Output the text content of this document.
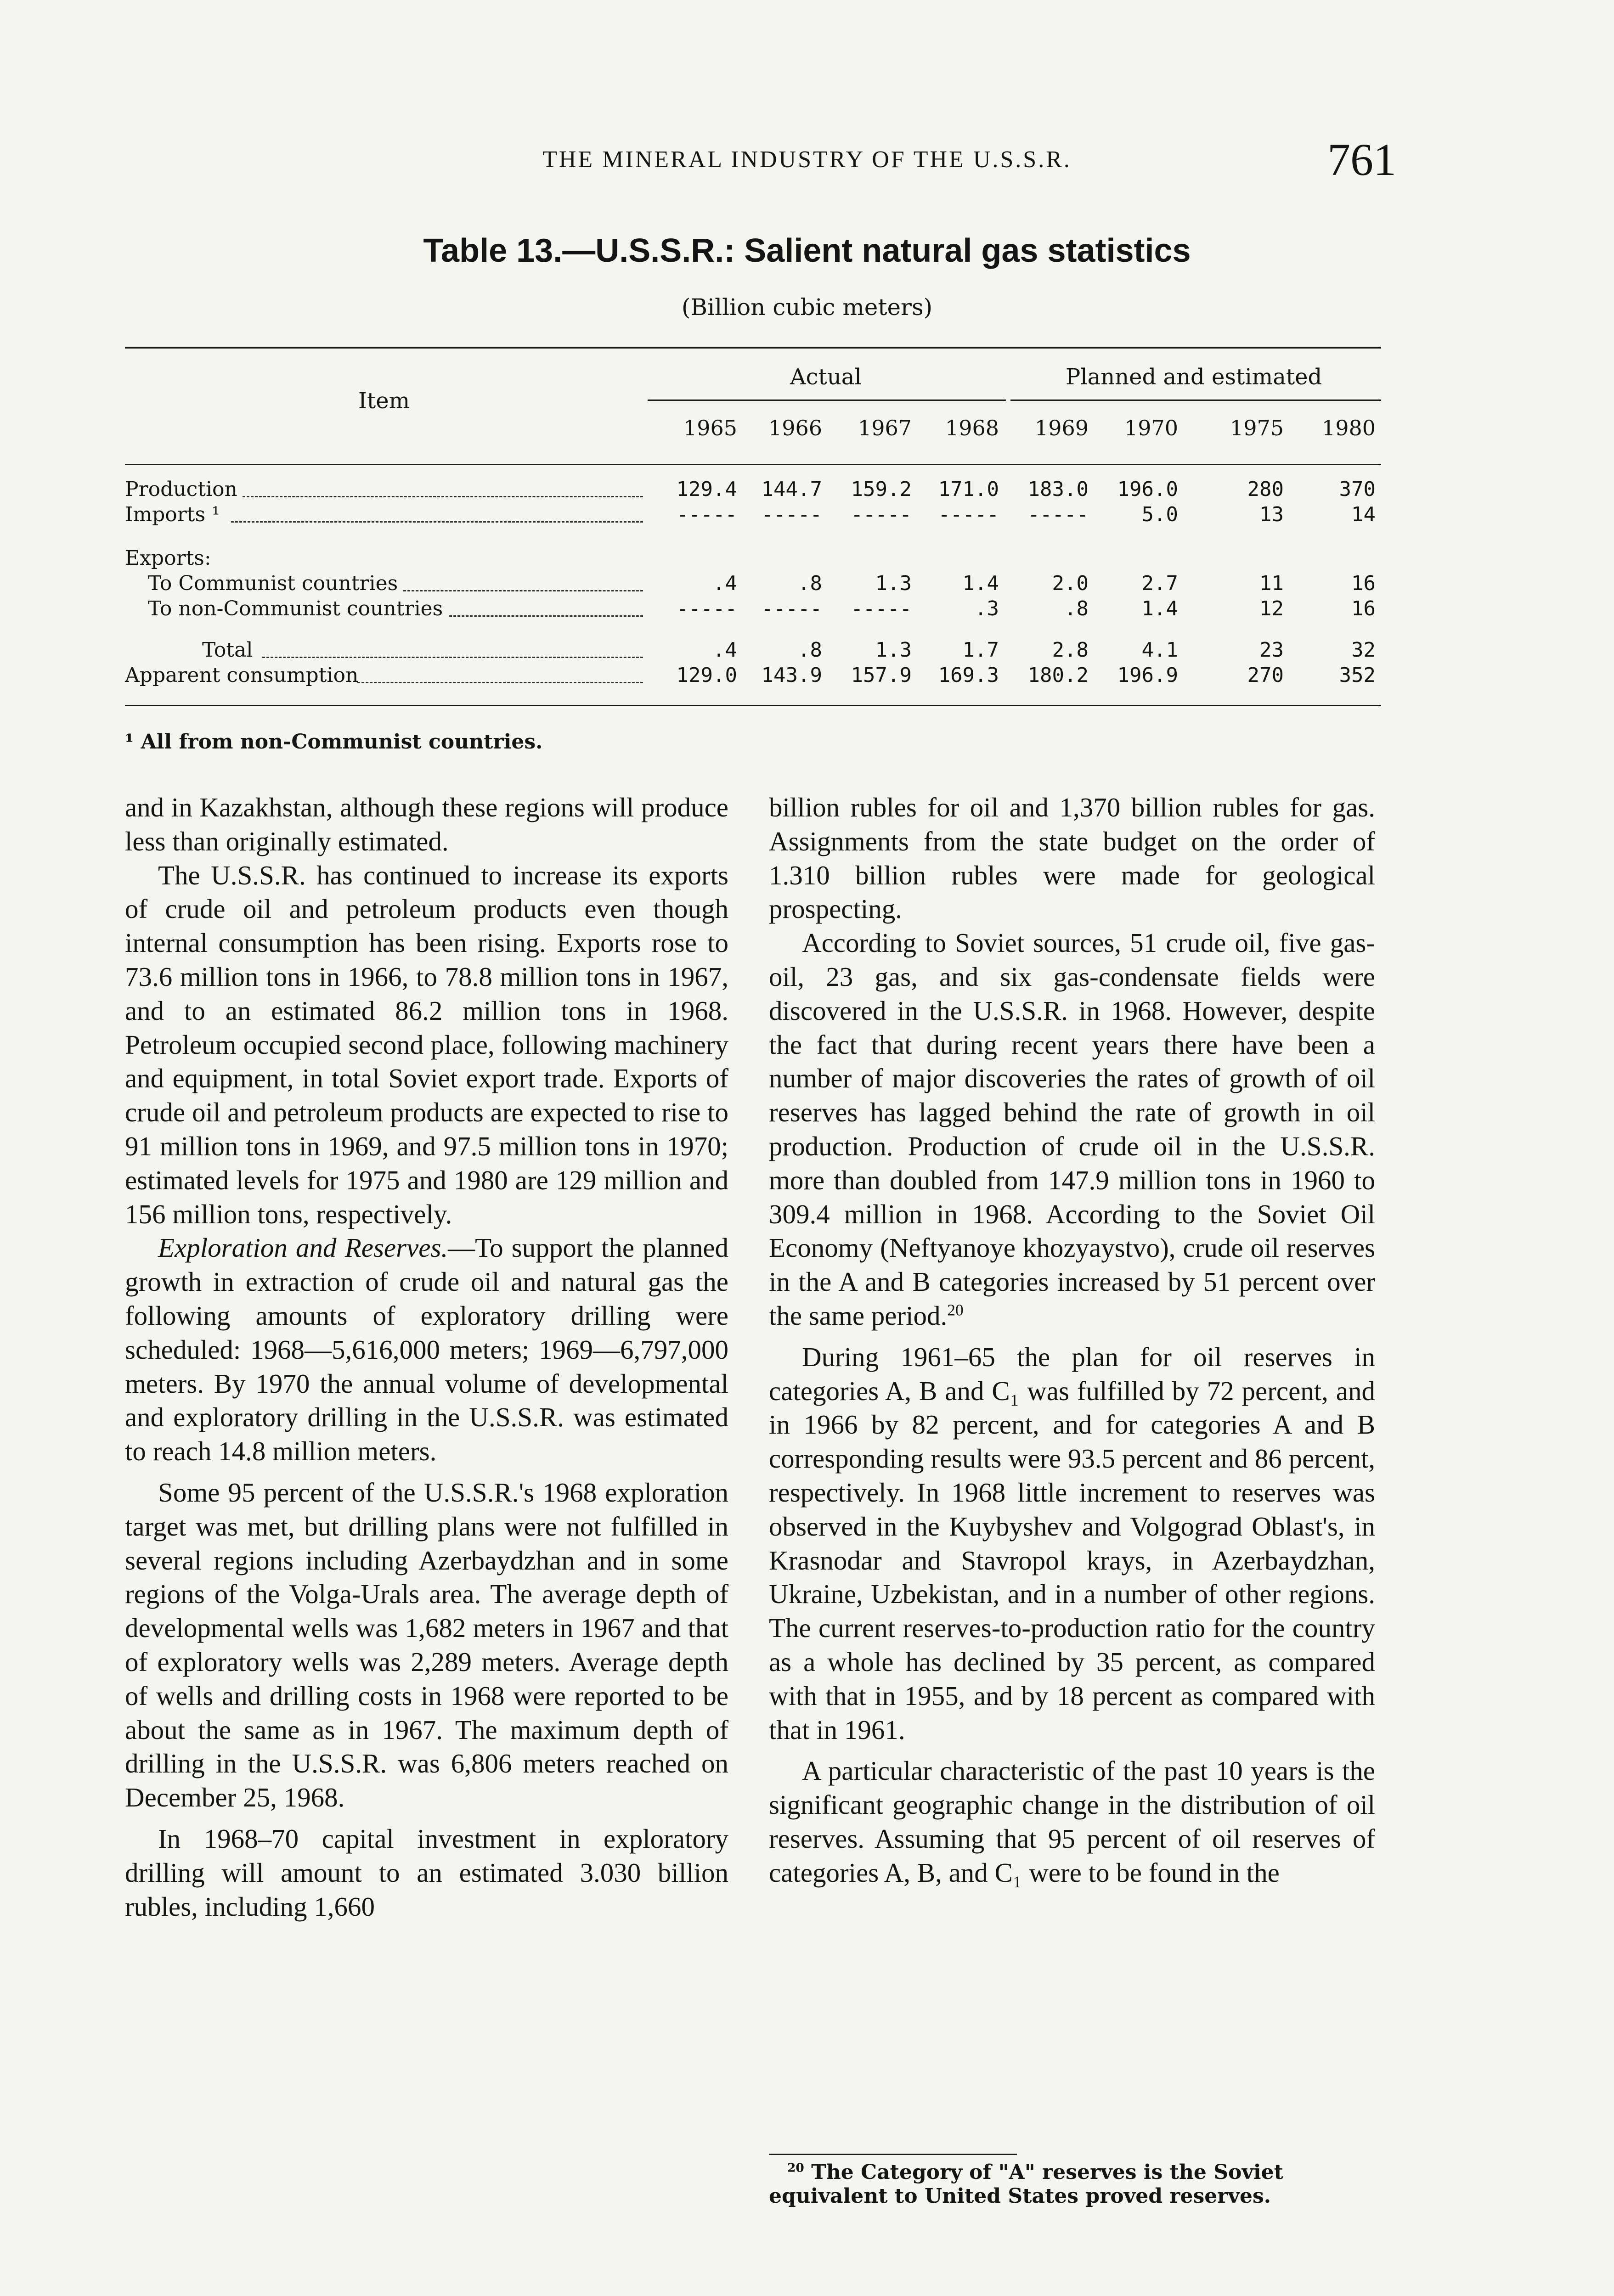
THE MINERAL INDUSTRY OF THE U.S.S.R.	761
Table 13.—U.S.S.R.: Salient natural gas statistics
(Billion cubic meters)
Item
Actual	Planned and estimated
1965 1966 1967 1968 1969 1970 1975 1980
Production	129.4 144.7 159.2 171.0 183.0 196.0	280	370
Imports ¹	----- ----- ----- ----- -----	5.0	13	14
Exports:
To Communist countries	.4	.8	1.3	1.4	2.0	2.7	11	16
To non-Communist countries	----- ----- -----	.3	.8	1.4	12	16
Total	.4	.8	1.3	1.7	2.8	4.1	23	32
Apparent consumption	129.0 143.9 157.9 169.3 180.2 196.9	270	352
¹ All from non-Communist countries.

and in Kazakhstan, although these regions will produce less than originally estimated.

The U.S.S.R. has continued to increase its exports of crude oil and petroleum products even though internal consumption has been rising. Exports rose to 73.6 million tons in 1966, to 78.8 million tons in 1967, and to an estimated 86.2 million tons in 1968. Petroleum occupied second place, following machinery and equipment, in total Soviet export trade. Exports of crude oil and petroleum products are expected to rise to 91 million tons in 1969, and 97.5 million tons in 1970; estimated levels for 1975 and 1980 are 129 million and 156 million tons, respectively.

Exploration and Reserves.—To support the planned growth in extraction of crude oil and natural gas the following amounts of exploratory drilling were scheduled: 1968—5,616,000 meters; 1969—6,797,000 meters. By 1970 the annual volume of developmental and exploratory drilling in the U.S.S.R. was estimated to reach 14.8 million meters.

Some 95 percent of the U.S.S.R.'s 1968 exploration target was met, but drilling plans were not fulfilled in several regions including Azerbaydzhan and in some regions of the Volga-Urals area. The average depth of developmental wells was 1,682 meters in 1967 and that of exploratory wells was 2,289 meters. Average depth of wells and drilling costs in 1968 were reported to be about the same as in 1967. The maximum depth of drilling in the U.S.S.R. was 6,806 meters reached on December 25, 1968.

In 1968–70 capital investment in exploratory drilling will amount to an estimated 3.030 billion rubles, including 1,660

billion rubles for oil and 1,370 billion rubles for gas. Assignments from the state budget on the order of 1.310 billion rubles were made for geological prospecting.

According to Soviet sources, 51 crude oil, five gas-oil, 23 gas, and six gas-condensate fields were discovered in the U.S.S.R. in 1968. However, despite the fact that during recent years there have been a number of major discoveries the rates of growth of oil reserves has lagged behind the rate of growth in oil production. Production of crude oil in the U.S.S.R. more than doubled from 147.9 million tons in 1960 to 309.4 million in 1968. According to the Soviet Oil Economy (Neftyanoye khozyaystvo), crude oil reserves in the A and B categories increased by 51 percent over the same period.$^{20}$

During 1961–65 the plan for oil reserves in categories A, B and C₁ was fulfilled by 72 percent, and in 1966 by 82 percent, and for categories A and B corresponding results were 93.5 percent and 86 percent, respectively. In 1968 little increment to reserves was observed in the Kuybyshev and Volgograd Oblast's, in Krasnodar and Stavropol krays, in Azerbaydzhan, Ukraine, Uzbekistan, and in a number of other regions. The current reserves-to-production ratio for the country as a whole has declined by 35 percent, as compared with that in 1955, and by 18 percent as compared with that in 1961.

A particular characteristic of the past 10 years is the significant geographic change in the distribution of oil reserves. Assuming that 95 percent of oil reserves of categories A, B, and C₁ were to be found in the

$^{20}$ The Category of "A" reserves is the Soviet equivalent to United States proved reserves.
